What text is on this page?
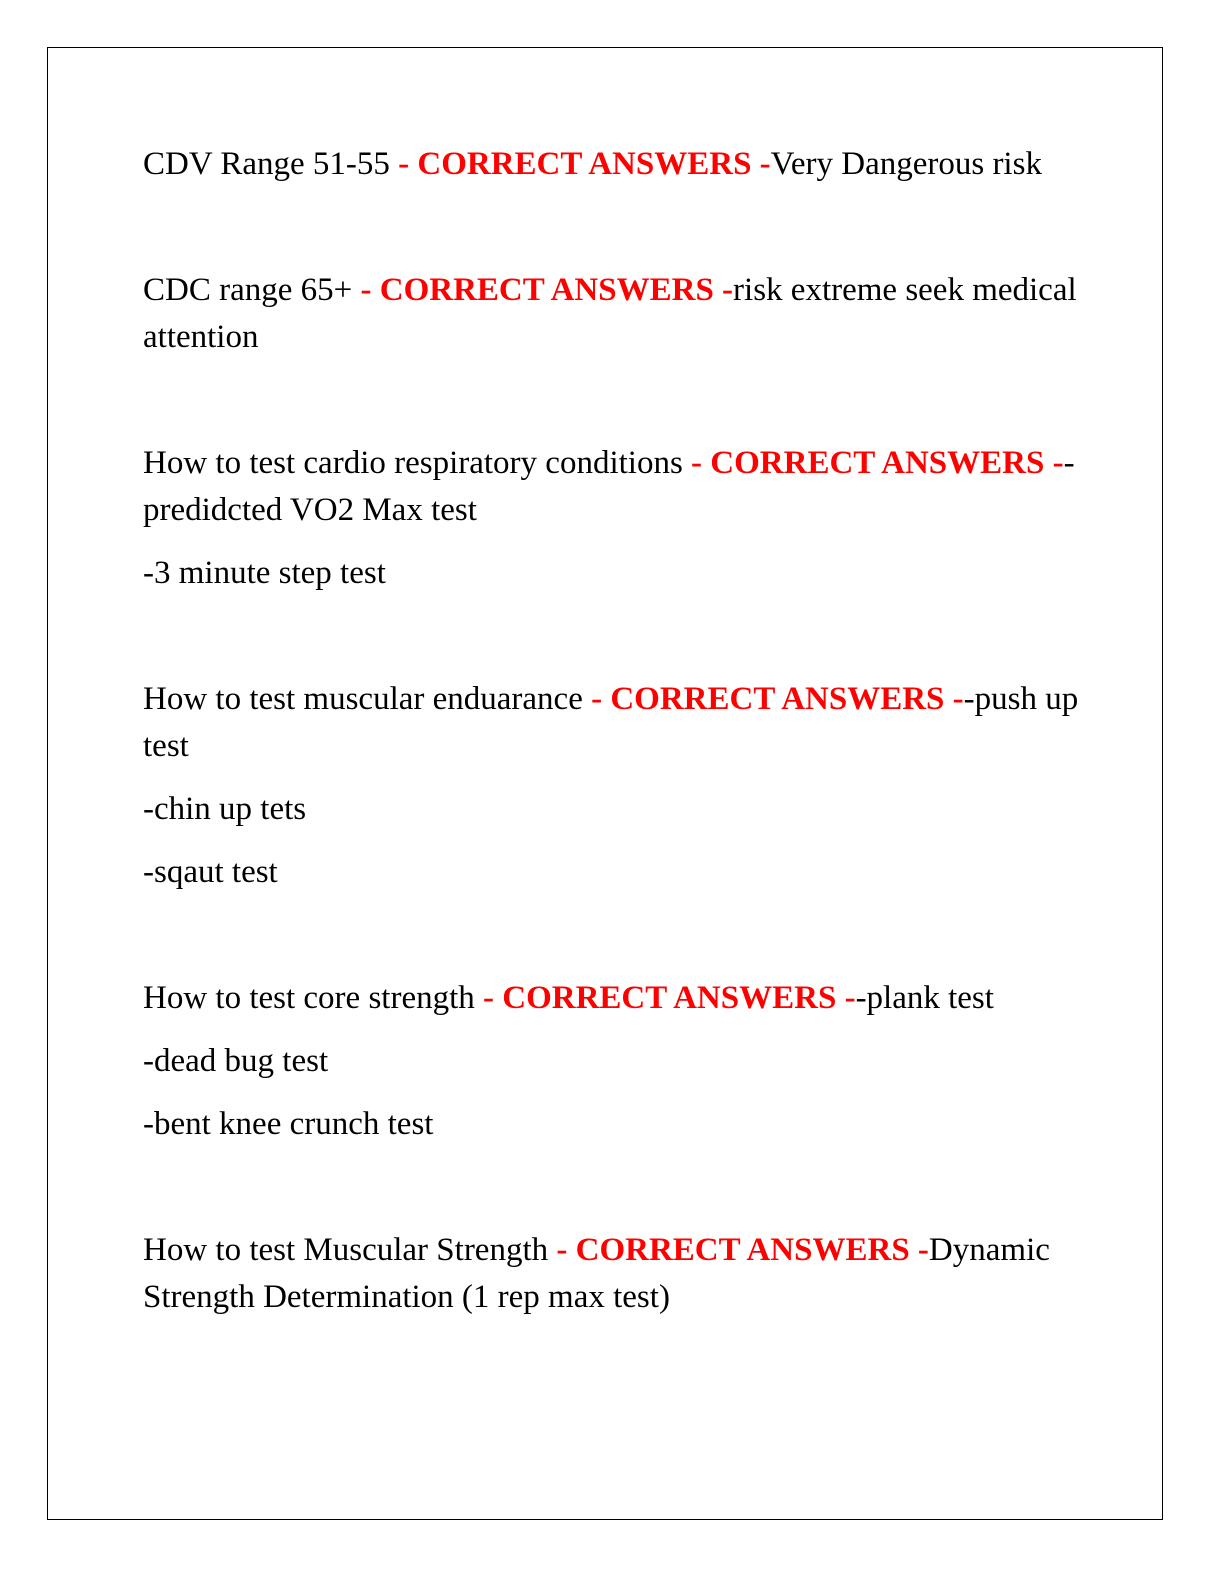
CDV Range 51-55 - CORRECT ANSWERS -Very Dangerous risk

CDC range 65+ - CORRECT ANSWERS -risk extreme seek medical attention

How to test cardio respiratory conditions - CORRECT ANSWERS --predidcted VO2 Max test

-3 minute step test

How to test muscular enduarance - CORRECT ANSWERS --push up test

-chin up tets

-sqaut test

How to test core strength - CORRECT ANSWERS --plank test

-dead bug test

-bent knee crunch test

How to test Muscular Strength - CORRECT ANSWERS -Dynamic Strength Determination (1 rep max test)
